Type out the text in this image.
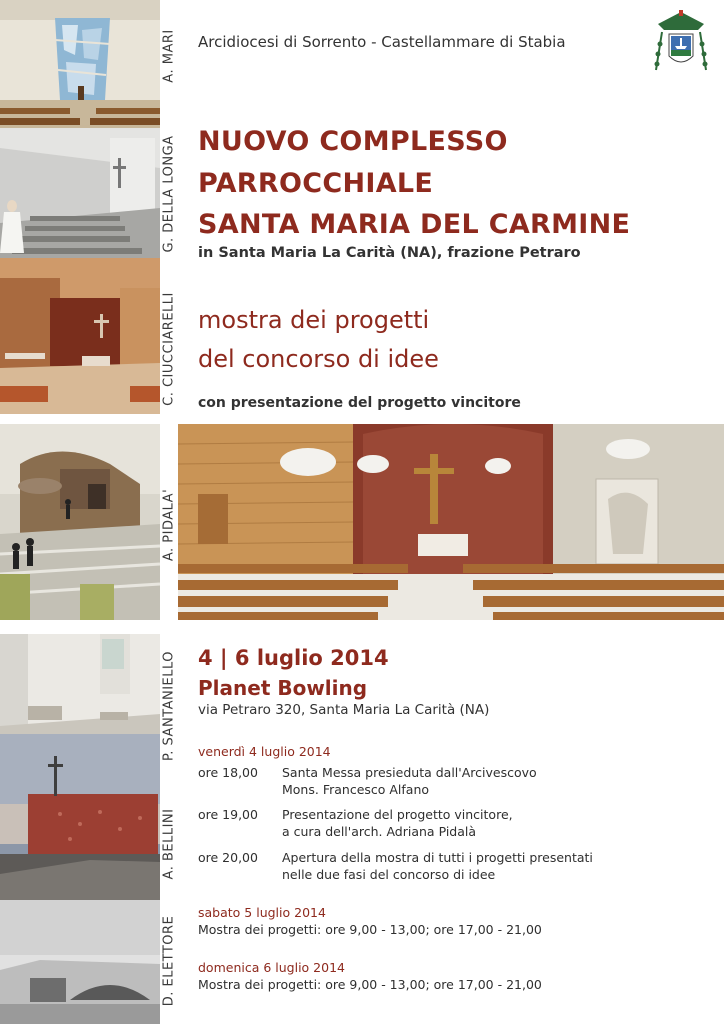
A. MARI
G. DELLA LONGA
C. CIUCCIARELLI
A. PIDALA'
P. SANTANIELLO
A. BELLINI
D. ELETTORE
Arcidiocesi di Sorrento - Castellammare di Stabia
NUOVO COMPLESSO
PARROCCHIALE
SANTA MARIA DEL CARMINE
in Santa Maria La Carità (NA), frazione Petraro
mostra dei progetti
del concorso di idee
con presentazione del progetto vincitore
4 | 6 luglio 2014
Planet Bowling
via Petraro 320, Santa Maria La Carità (NA)
venerdì 4 luglio 2014
ore 18,00 Santa Messa presieduta dall'Arcivescovo
Mons. Francesco Alfano
ore 19,00 Presentazione del progetto vincitore,
a cura dell'arch. Adriana Pidalà
ore 20,00 Apertura della mostra di tutti i progetti presentati
nelle due fasi del concorso di idee
sabato 5 luglio 2014
Mostra dei progetti: ore 9,00 - 13,00; ore 17,00 - 21,00
domenica 6 luglio 2014
Mostra dei progetti: ore 9,00 - 13,00; ore 17,00 - 21,00
